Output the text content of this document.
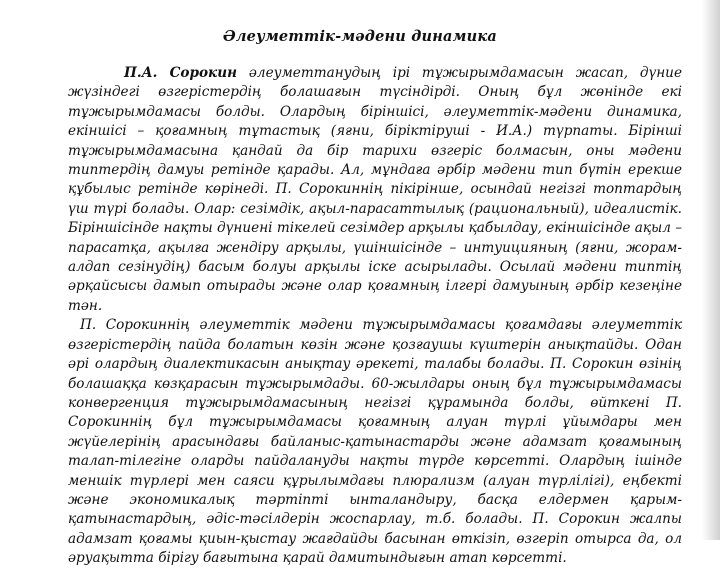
Әлеуметтік-мәдени динамика

П.А. Сорокин әлеуметтанудың ірі тұжырымдамасын жасап, дүние жүзіндегі өзгерістердің болашағын түсіндірді. Оның бұл жөнінде екі тұжырымдамасы болды. Олардың біріншісі, әлеуметтік-мәдени динамика, екіншісі – қоғамның тұтастық (яғни, біріктіруші - И.А.) түрпаты. Бірінші тұжырымдамасына қандай да бір тарихи өзгеріс болмасын, оны мәдени типтердің дамуы ретінде қарады. Ал, мұндаға әрбір мәдени тип бүтін ерекше құбылыс ретінде көрінеді. П. Сорокиннің пікірінше, осындай негізгі топтардың үш түрі болады. Олар: сезімдік, ақыл-парасаттылық (рациональный), идеалистік. Біріншісінде нақты дүниені тікелей сезімдер арқылы қабылдау, екіншісінде ақыл – парасатқа, ақылға жендіру арқылы, үшіншісінде – интуицияның (яғни, жорам-алдап сезінудің) басым болуы арқылы іске асырылады. Осылай мәдени типтің әрқайсысы дамып отырады және олар қоғамның ілгері дамуының әрбір кезеңіне тән.

П. Сорокиннің әлеуметтік мәдени тұжырымдамасы қоғамдағы әлеуметтік өзгерістердің пайда болатын көзін және қозғаушы күштерін анықтайды. Одан әрі олардың диалектикасын анықтау әрекеті, талабы болады. П. Сорокин өзінің болашаққа көзқарасын тұжырымдады. 60-жылдары оның бұл тұжырымдамасы конвергенция тұжырымдамасының негізгі құрамында болды, өйткені П. Сорокиннің бұл тұжырымдамасы қоғамның алуан түрлі ұйымдары мен жүйелерінің арасындағы байланыс-қатынастарды және адамзат қоғамының талап-тілегіне оларды пайдалануды нақты түрде көрсетті. Олардың ішінде меншік түрлері мен саяси құрылымдағы плюрализм (алуан түрлілігі), еңбекті және экономикалық тәртіпті ынталандыру, басқа елдермен қарым-қатынастардың, әдіс-тәсілдерін жоспарлау, т.б. болады. П. Сорокин жалпы адамзат қоғамы қиын-қыстау жағдайды басынан өткізіп, өзгеріп отырса да, ол әруақытта бірігу бағытына қарай дамитындығын атап көрсетті.
